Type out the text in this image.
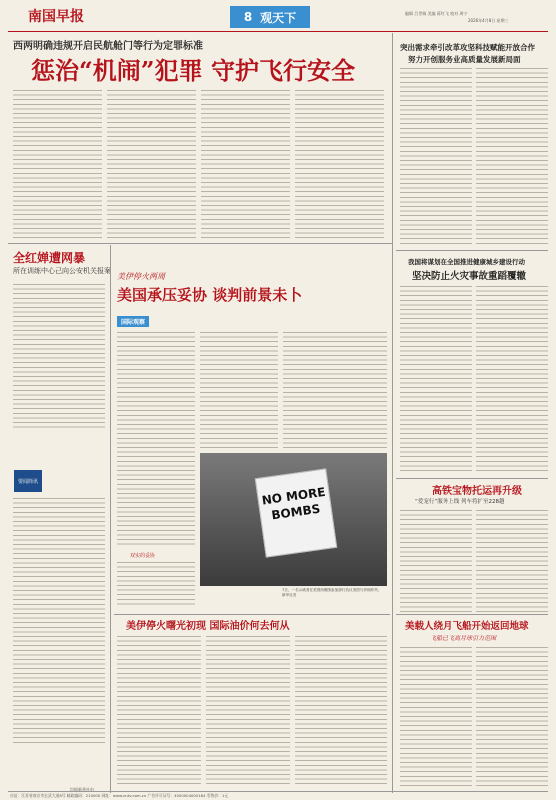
南国早报	8 观天下	编辑 吕世瑞 美编 蒋红飞 校对 周宁
2026年4月8日 星期三
西两明确违规开启民航舱门等行为定罪标准
惩治“机闹”犯罪 守护飞行安全
突出需求牵引改革攻坚科技赋能开放合作
努力开创服务业高质量发展新局面
全红婵遭网暴
所在训练中心己向公安机关报案
要闻简讯
均据新华社电
美伊停火两周
美国承压妥协 谈判前景未卜
国际观察
NO MORE
BOMBS
7日，一名示威者在美国西雅图参加游行抗议美国与伊朗冲突。新华社发
双实的妥协
美伊停火曙光初现 国际油价何去何从
我国将谋划在全国推进健康城乡建设行动
坚决防止火灾事故重蹈覆辙
高铁宝物托运再升级
“爱宠行”服务上线 列车将扩至228趟
美载人绕月飞船开始返回地球
飞船已飞离月球引力范围
社址：江苏省南京市玄武大道8号 邮政编码：210000 网址：www.nntv.com.cn 广告许可证号：4500004000184 零售价：1元
